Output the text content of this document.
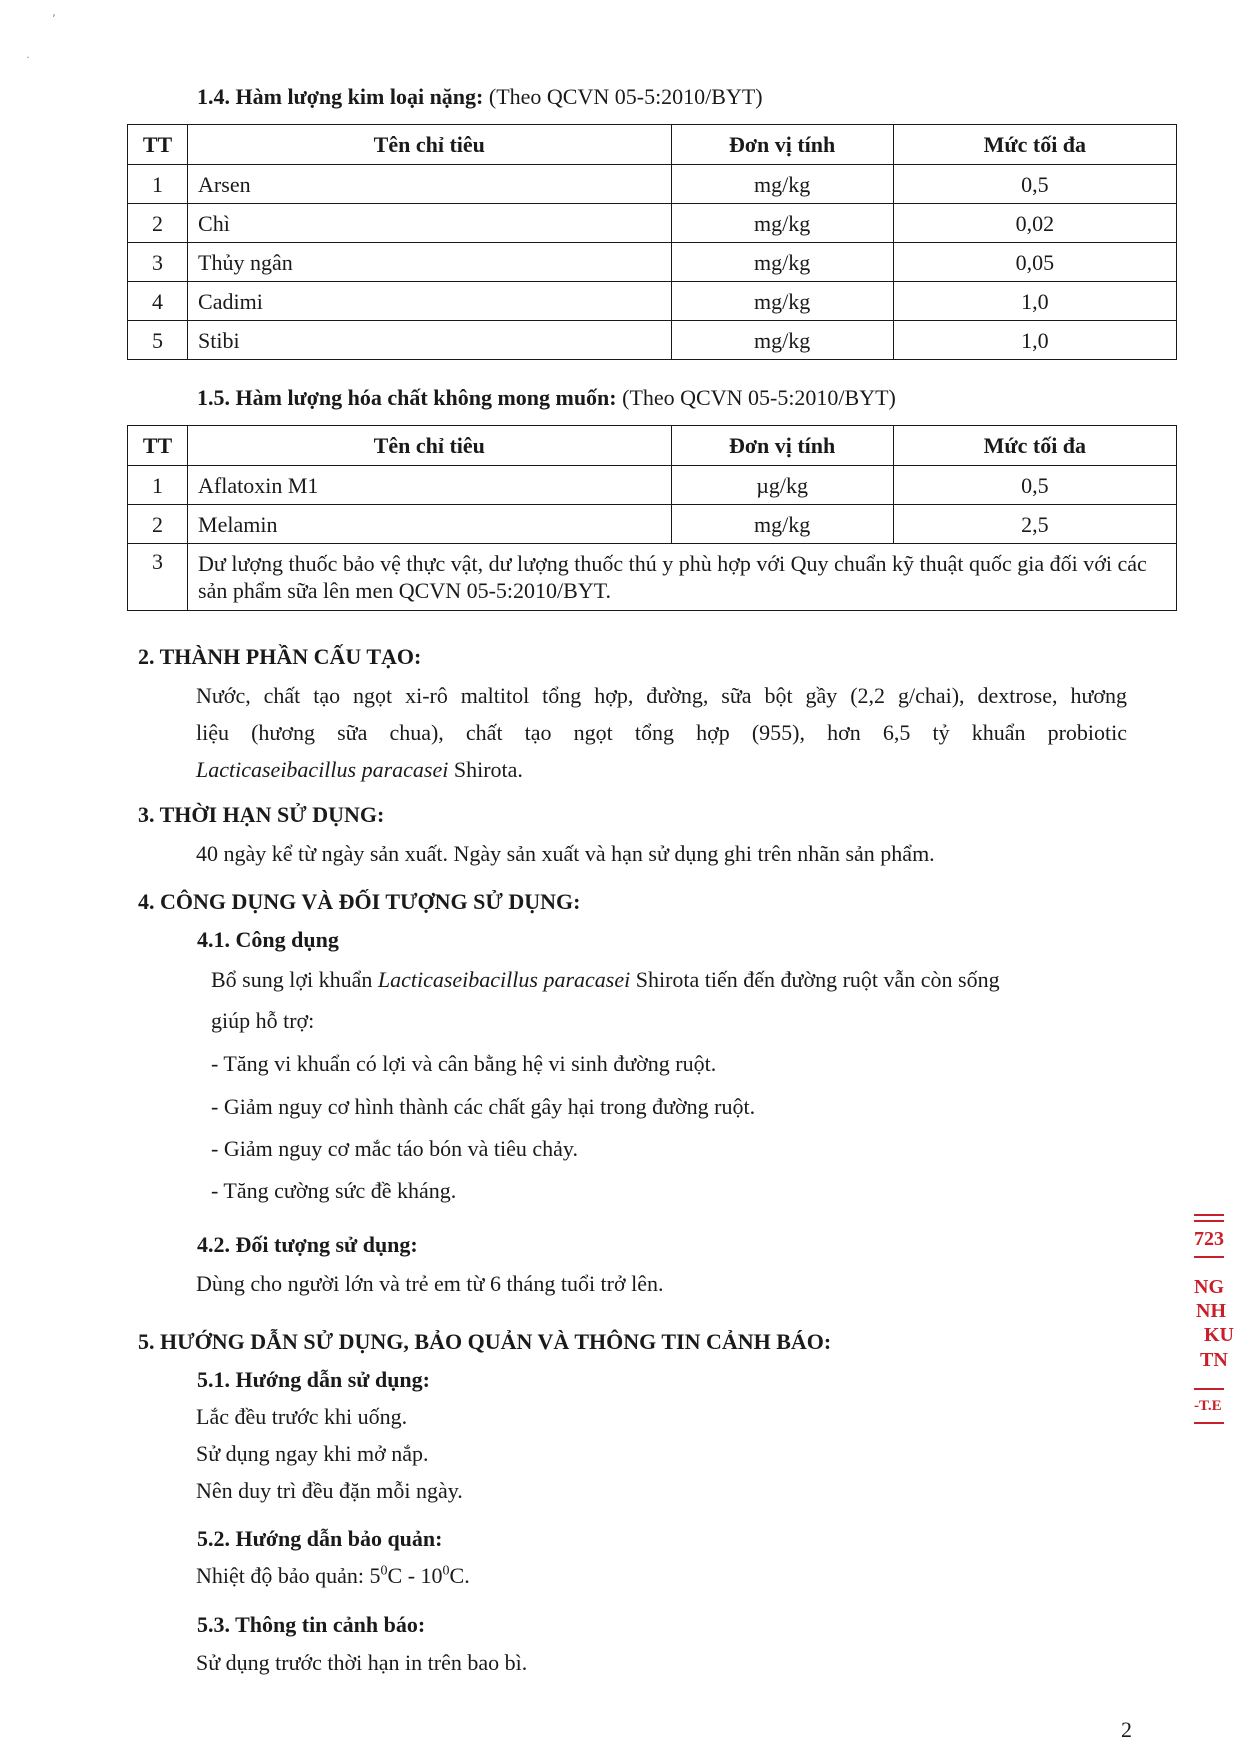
٬
·
1.4. Hàm lượng kim loại nặng: (Theo QCVN 05-5:2010/BYT)
TT	Tên chỉ tiêu	Đơn vị tính	Mức tối đa
1	Arsen	mg/kg	0,5
2	Chì	mg/kg	0,02
3	Thủy ngân	mg/kg	0,05
4	Cadimi	mg/kg	1,0
5	Stibi	mg/kg	1,0
1.5. Hàm lượng hóa chất không mong muốn: (Theo QCVN 05-5:2010/BYT)
TT	Tên chỉ tiêu	Đơn vị tính	Mức tối đa
1	Aflatoxin M1	µg/kg	0,5
2	Melamin	mg/kg	2,5
3	Dư lượng thuốc bảo vệ thực vật, dư lượng thuốc thú y phù hợp với Quy chuẩn kỹ thuật quốc gia đối với các sản phẩm sữa lên men QCVN 05-5:2010/BYT.		
2. THÀNH PHẦN CẤU TẠO:
Nước, chất tạo ngọt xi-rô maltitol tổng hợp, đường, sữa bột gầy (2,2 g/chai), dextrose, hương
liệu (hương sữa chua), chất tạo ngọt tổng hợp (955), hơn 6,5 tỷ khuẩn probiotic
Lacticaseibacillus paracasei Shirota.
3. THỜI HẠN SỬ DỤNG:
40 ngày kể từ ngày sản xuất. Ngày sản xuất và hạn sử dụng ghi trên nhãn sản phẩm.
4. CÔNG DỤNG VÀ ĐỐI TƯỢNG SỬ DỤNG:
4.1. Công dụng
Bổ sung lợi khuẩn Lacticaseibacillus paracasei Shirota tiến đến đường ruột vẫn còn sống
giúp hỗ trợ:
- Tăng vi khuẩn có lợi và cân bằng hệ vi sinh đường ruột.
- Giảm nguy cơ hình thành các chất gây hại trong đường ruột.
- Giảm nguy cơ mắc táo bón và tiêu chảy.
- Tăng cường sức đề kháng.
4.2. Đối tượng sử dụng:
Dùng cho người lớn và trẻ em từ 6 tháng tuổi trở lên.
5. HƯỚNG DẪN SỬ DỤNG, BẢO QUẢN VÀ THÔNG TIN CẢNH BÁO:
5.1. Hướng dẫn sử dụng:
Lắc đều trước khi uống.
Sử dụng ngay khi mở nắp.
Nên duy trì đều đặn mỗi ngày.
5.2. Hướng dẫn bảo quản:
Nhiệt độ bảo quản: $5^0C - 10^0C$.
5.3. Thông tin cảnh báo:
Sử dụng trước thời hạn in trên bao bì.
723
NG
NH
KU
TN
-T.E
2
